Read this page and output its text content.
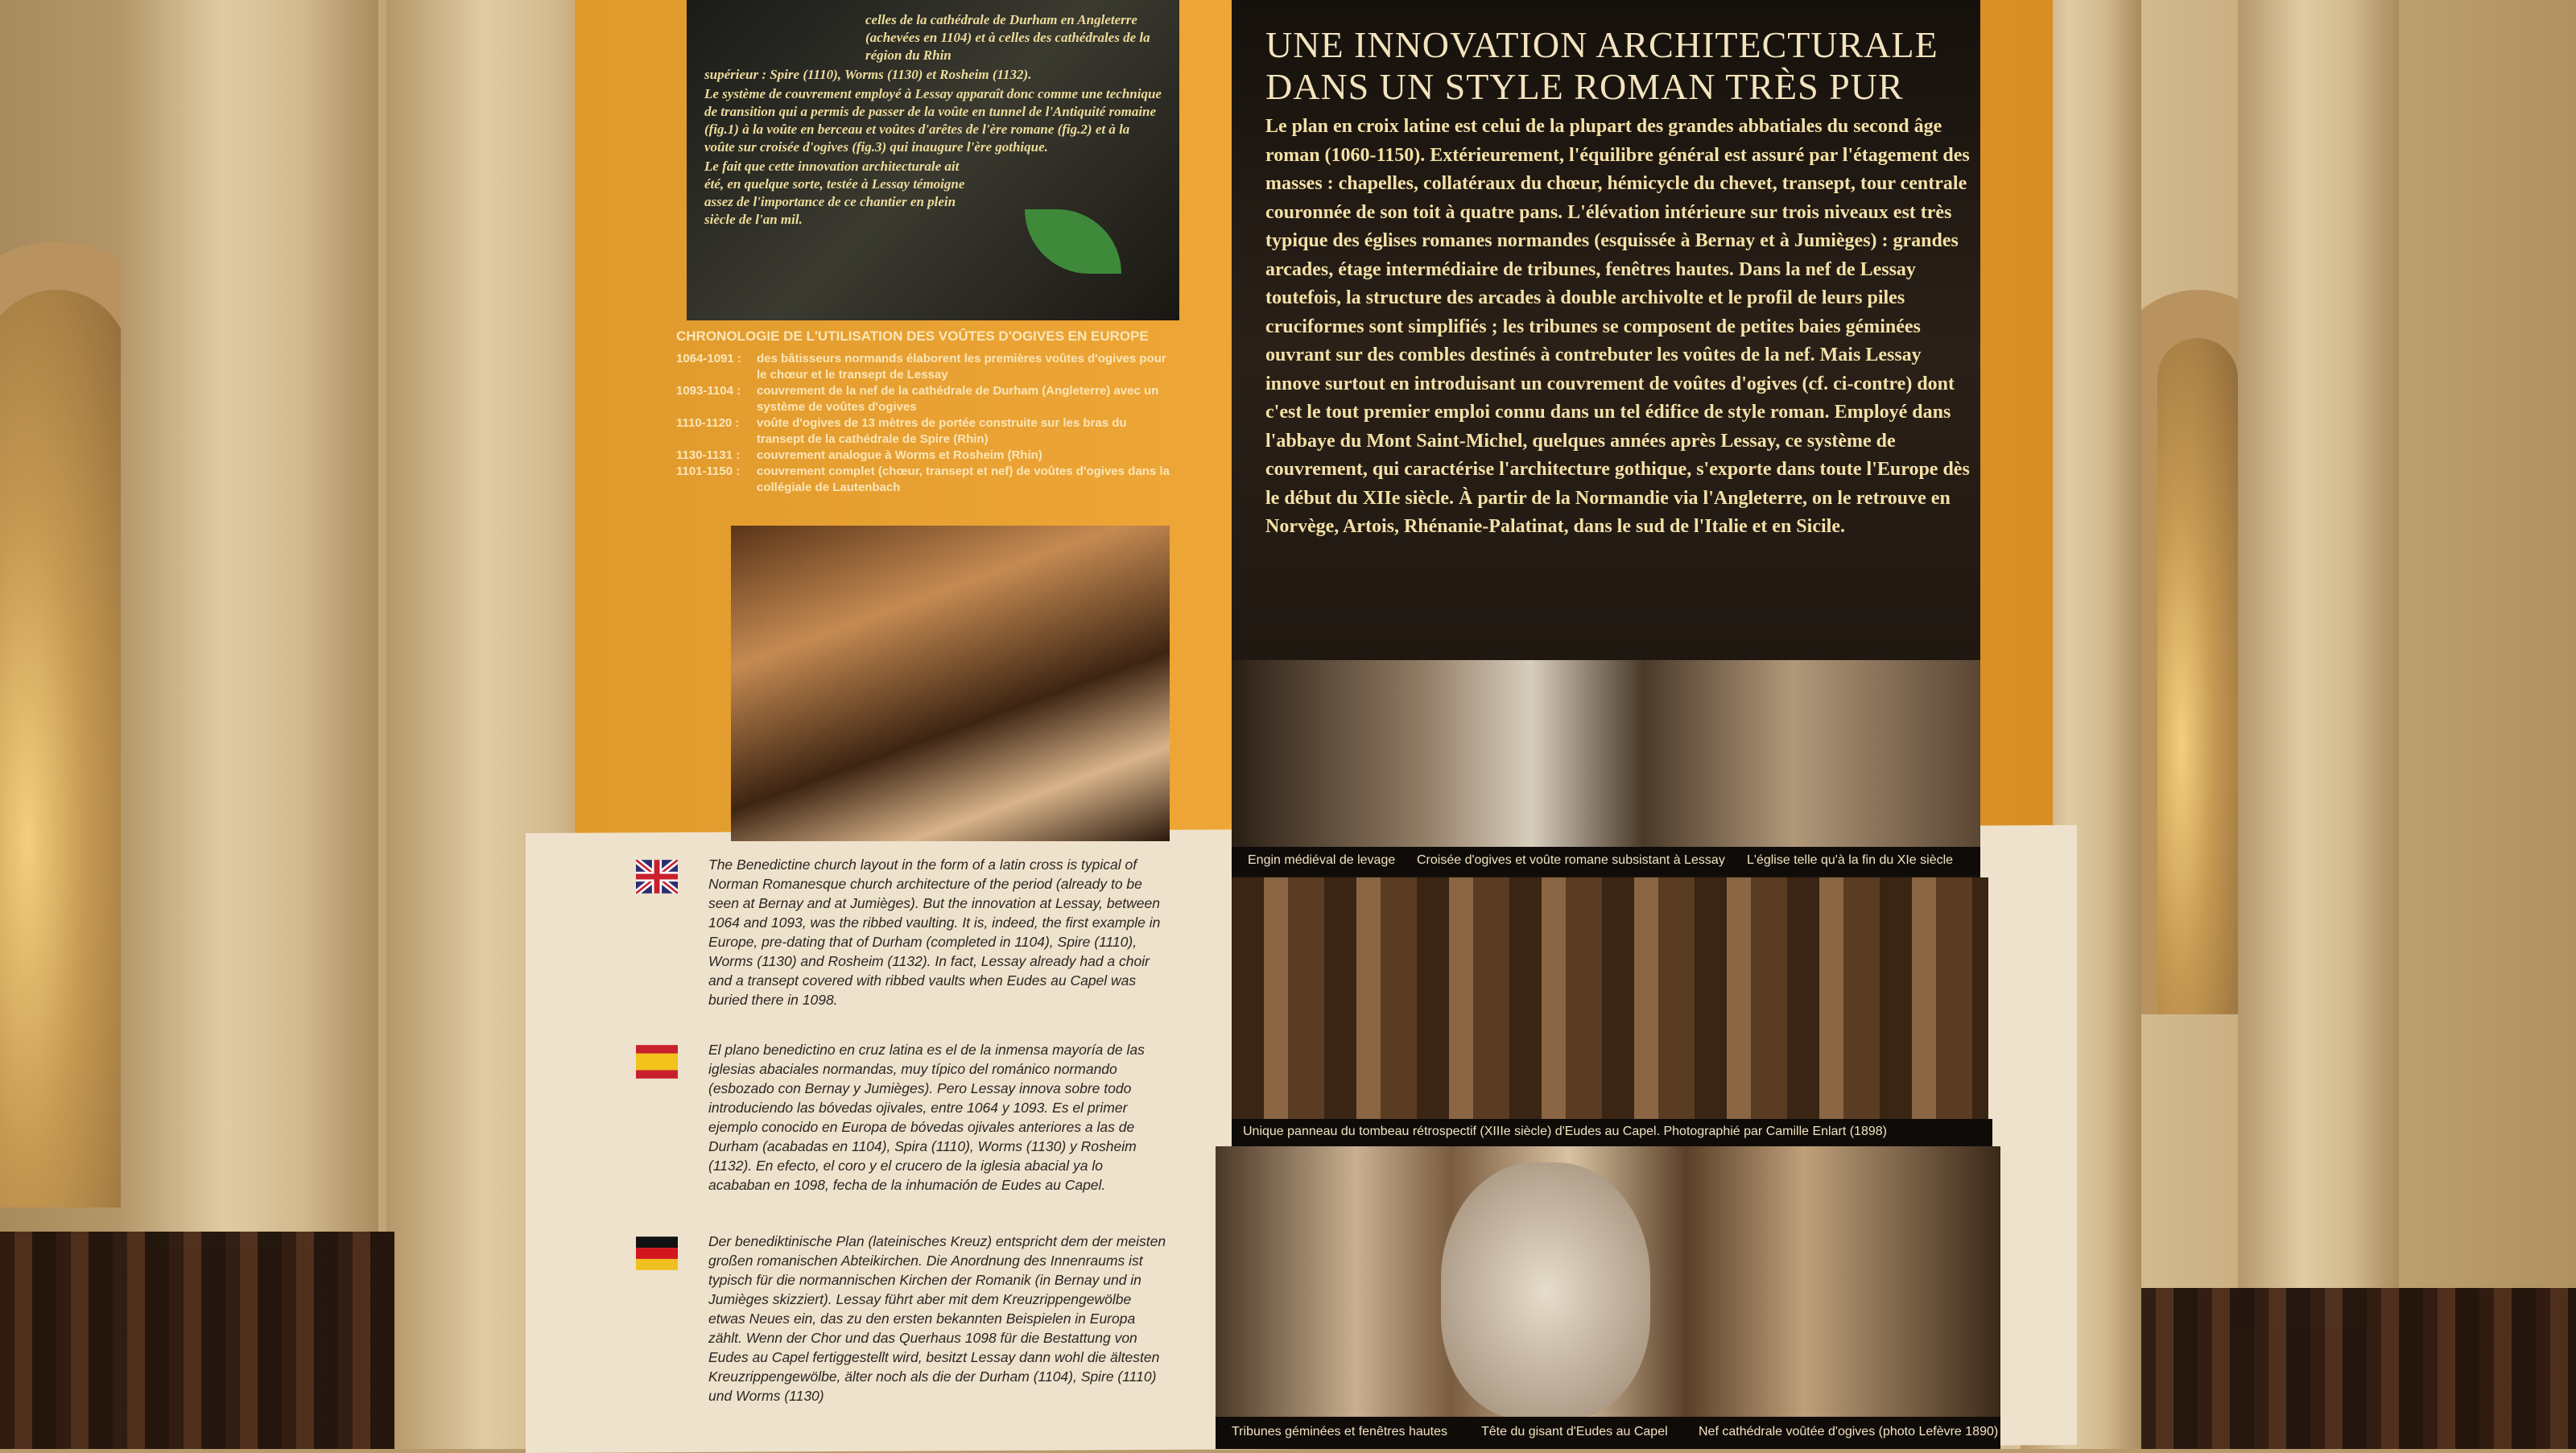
celles de la cathédrale de Durham en Angleterre (achevées en 1104) et à celles des cathédrales de la région du Rhin

supérieur : Spire (1110), Worms (1130) et Rosheim (1132).

Le système de couvrement employé à Lessay apparaît donc comme une technique de transition qui a permis de passer de la voûte en tunnel de l'Antiquité romaine (fig.1) à la voûte en berceau et voûtes d'arêtes de l'ère romane (fig.2) et à la voûte sur croisée d'ogives (fig.3) qui inaugure l'ère gothique.

Le fait que cette innovation architecturale ait été, en quelque sorte, testée à Lessay témoigne assez de l'importance de ce chantier en plein siècle de l'an mil.

CHRONOLOGIE DE L'UTILISATION DES VOÛTES D'OGIVES EN EUROPE
1064-1091 :	des bâtisseurs normands élaborent les premières voûtes d'ogives pour le chœur et le transept de Lessay
1093-1104 :	couvrement de la nef de la cathédrale de Durham (Angleterre) avec un système de voûtes d'ogives
1110-1120 :	voûte d'ogives de 13 mètres de portée construite sur les bras du transept de la cathédrale de Spire (Rhin)
1130-1131 :	couvrement analogue à Worms et Rosheim (Rhin)
1101-1150 :	couvrement complet (chœur, transept et nef) de voûtes d'ogives dans la collégiale de Lautenbach
UNE INNOVATION ARCHITECTURALE
DANS UN STYLE ROMAN TRÈS PUR
Le plan en croix latine est celui de la plupart des grandes abbatiales du second âge roman (1060-1150). Extérieurement, l'équilibre général est assuré par l'étagement des masses : chapelles, collatéraux du chœur, hémicycle du chevet, transept, tour centrale couronnée de son toit à quatre pans. L'élévation intérieure sur trois niveaux est très typique des églises romanes normandes (esquissée à Bernay et à Jumièges) : grandes arcades, étage intermédiaire de tribunes, fenêtres hautes. Dans la nef de Lessay toutefois, la structure des arcades à double archivolte et le profil de leurs piles cruciformes sont simplifiés ; les tribunes se composent de petites baies géminées ouvrant sur des combles destinés à contrebuter les voûtes de la nef. Mais Lessay innove surtout en introduisant un couvrement de voûtes d'ogives (cf. ci-contre) dont c'est le tout premier emploi connu dans un tel édifice de style roman. Employé dans l'abbaye du Mont Saint-Michel, quelques années après Lessay, ce système de couvrement, qui caractérise l'architecture gothique, s'exporte dans toute l'Europe dès le début du XIIe siècle. À partir de la Normandie via l'Angleterre, on le retrouve en Norvège, Artois, Rhénanie-Palatinat, dans le sud de l'Italie et en Sicile.
Engin médiéval de levage Croisée d'ogives et voûte romane subsistant à Lessay L'église telle qu'à la fin du XIe siècle
Unique panneau du tombeau rétrospectif (XIIIe siècle) d'Eudes au Capel. Photographié par Camille Enlart (1898)
Tribunes géminées et fenêtres hautes	Tête du gisant d'Eudes au Capel Nef cathédrale voûtée d'ogives (photo Lefèvre 1890)
The Benedictine church layout in the form of a latin cross is typical of Norman Romanesque church architecture of the period (already to be seen at Bernay and at Jumièges). But the innovation at Lessay, between 1064 and 1093, was the ribbed vaulting. It is, indeed, the first example in Europe, pre-dating that of Durham (completed in 1104), Spire (1110), Worms (1130) and Rosheim (1132). In fact, Lessay already had a choir and a transept covered with ribbed vaults when Eudes au Capel was buried there in 1098.
El plano benedictino en cruz latina es el de la inmensa mayoría de las iglesias abaciales normandas, muy típico del románico normando (esbozado con Bernay y Jumièges). Pero Lessay innova sobre todo introduciendo las bóvedas ojivales, entre 1064 y 1093. Es el primer ejemplo conocido en Europa de bóvedas ojivales anteriores a las de Durham (acabadas en 1104), Spira (1110), Worms (1130) y Rosheim (1132). En efecto, el coro y el crucero de la iglesia abacial ya lo acababan en 1098, fecha de la inhumación de Eudes au Capel.
Der benediktinische Plan (lateinisches Kreuz) entspricht dem der meisten großen romanischen Abteikirchen. Die Anordnung des Innenraums ist typisch für die normannischen Kirchen der Romanik (in Bernay und in Jumièges skizziert). Lessay führt aber mit dem Kreuzrippengewölbe etwas Neues ein, das zu den ersten bekannten Beispielen in Europa zählt. Wenn der Chor und das Querhaus 1098 für die Bestattung von Eudes au Capel fertiggestellt wird, besitzt Lessay dann wohl die ältesten Kreuzrippengewölbe, älter noch als die der Durham (1104), Spire (1110) und Worms (1130)
